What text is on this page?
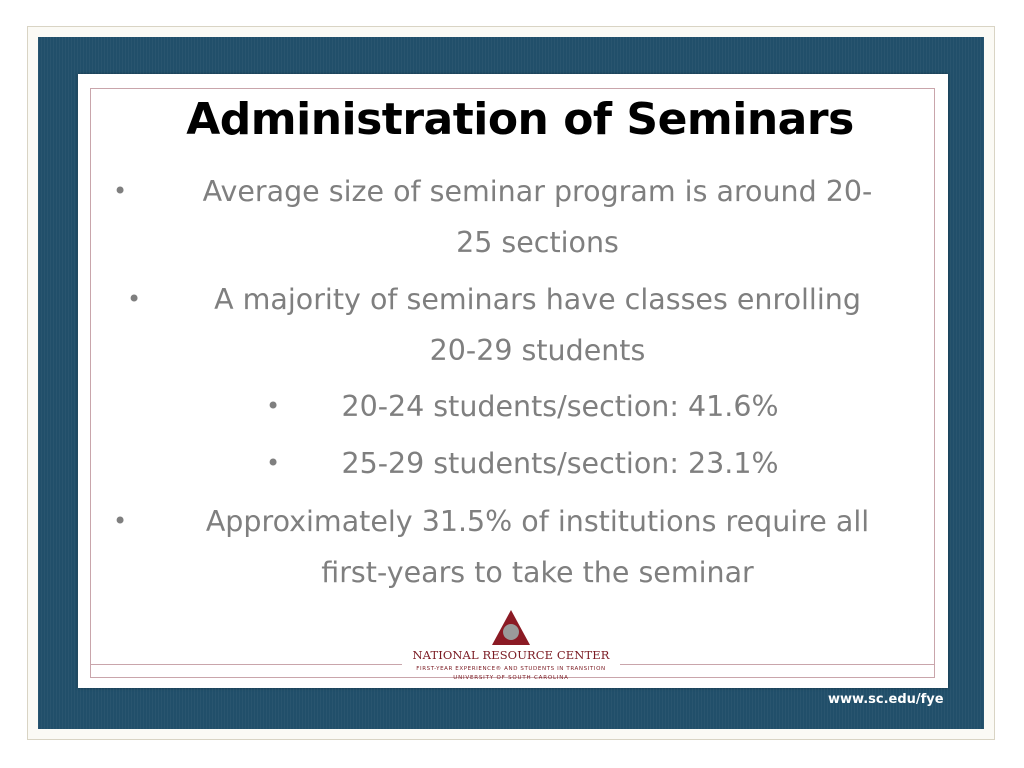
Administration of Seminars
•	Average size of seminar program is around 20-
25 sections
•	A majority of seminars have classes enrolling
20-29 students
•	20-24 students/section: 41.6%
•	25-29 students/section: 23.1%
•	Approximately 31.5% of institutions require all
first-years to take the seminar
NATIONAL RESOURCE CENTER
FIRST-YEAR EXPERIENCE® AND STUDENTS IN TRANSITION
UNIVERSITY OF SOUTH CAROLINA
www.sc.edu/fye
